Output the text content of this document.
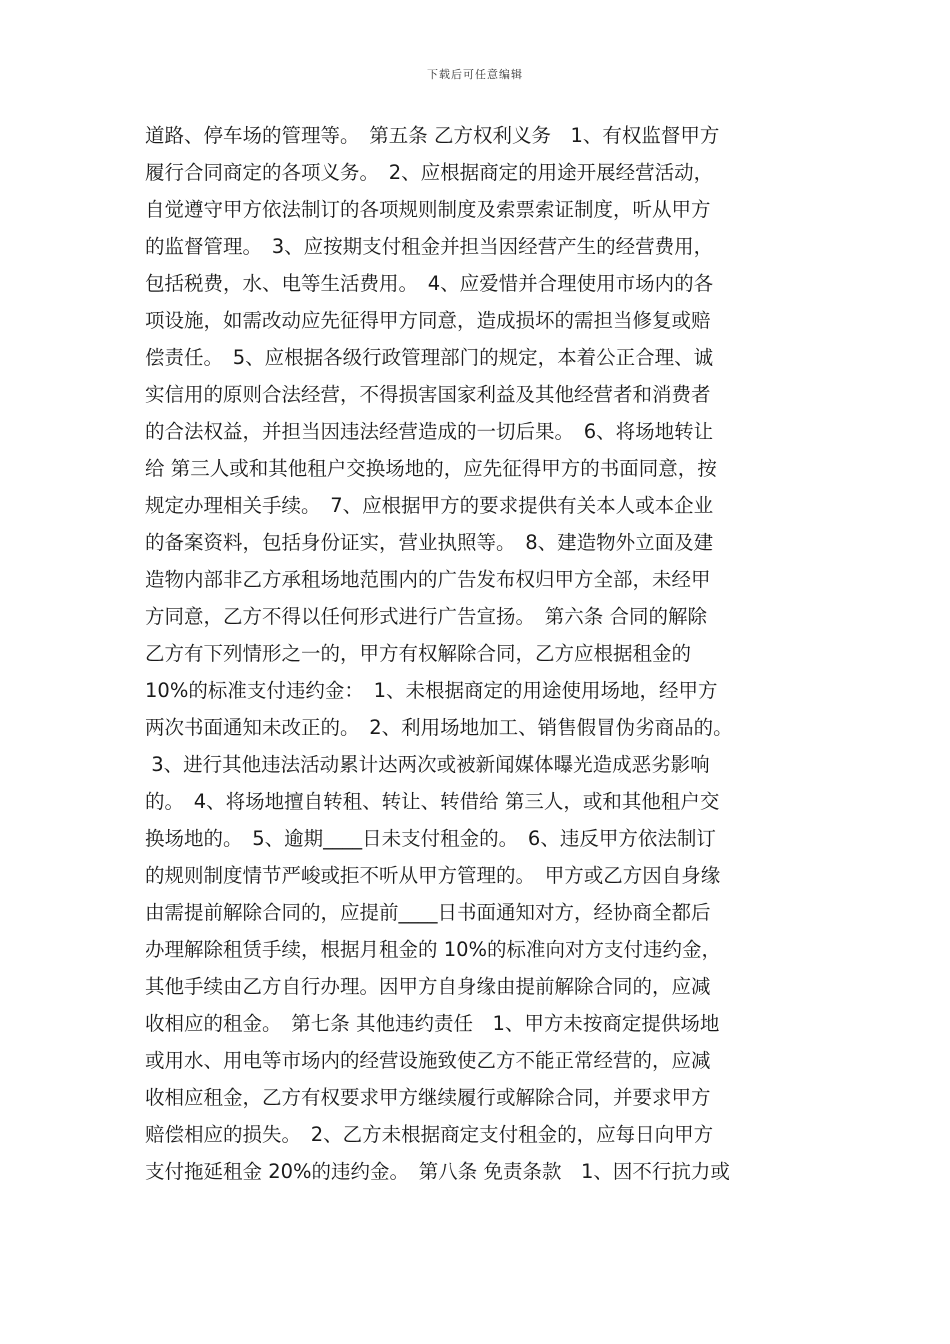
下载后可任意编辑
道路、停车场的管理等。　第五条 乙方权利义务　1、有权监督甲方
履行合同商定的各项义务。　2、应根据商定的用途开展经营活动，
自觉遵守甲方依法制订的各项规则制度及索票索证制度，听从甲方
的监督管理。　3、应按期支付租金并担当因经营产生的经营费用，
包括税费，水、电等生活费用。　4、应爱惜并合理使用市场内的各
项设施，如需改动应先征得甲方同意，造成损坏的需担当修复或赔
偿责任。　5、应根据各级行政管理部门的规定，本着公正合理、诚
实信用的原则合法经营，不得损害国家利益及其他经营者和消费者
的合法权益，并担当因违法经营造成的一切后果。　6、将场地转让
给 第三人或和其他租户交换场地的，应先征得甲方的书面同意，按
规定办理相关手续。　7、应根据甲方的要求提供有关本人或本企业
的备案资料，包括身份证实，营业执照等。　8、建造物外立面及建
造物内部非乙方承租场地范围内的广告发布权归甲方全部，未经甲
方同意，乙方不得以任何形式进行广告宣扬。　第六条 合同的解除
乙方有下列情形之一的，甲方有权解除合同，乙方应根据租金的
10%的标准支付违约金：　1、未根据商定的用途使用场地，经甲方
两次书面通知未改正的。　2、利用场地加工、销售假冒伪劣商品的。
3、进行其他违法活动累计达两次或被新闻媒体曝光造成恶劣影响
的。　4、将场地擅自转租、转让、转借给 第三人，或和其他租户交
换场地的。　5、逾期____日未支付租金的。　6、违反甲方依法制订
的规则制度情节严峻或拒不听从甲方管理的。　甲方或乙方因自身缘
由需提前解除合同的，应提前____日书面通知对方，经协商全都后
办理解除租赁手续，根据月租金的 10%的标准向对方支付违约金，
其他手续由乙方自行办理。因甲方自身缘由提前解除合同的，应减
收相应的租金。　第七条 其他违约责任　1、甲方未按商定提供场地
或用水、用电等市场内的经营设施致使乙方不能正常经营的，应减
收相应租金，乙方有权要求甲方继续履行或解除合同，并要求甲方
赔偿相应的损失。　2、乙方未根据商定支付租金的，应每日向甲方
支付拖延租金 20%的违约金。　第八条 免责条款　1、因不行抗力或
